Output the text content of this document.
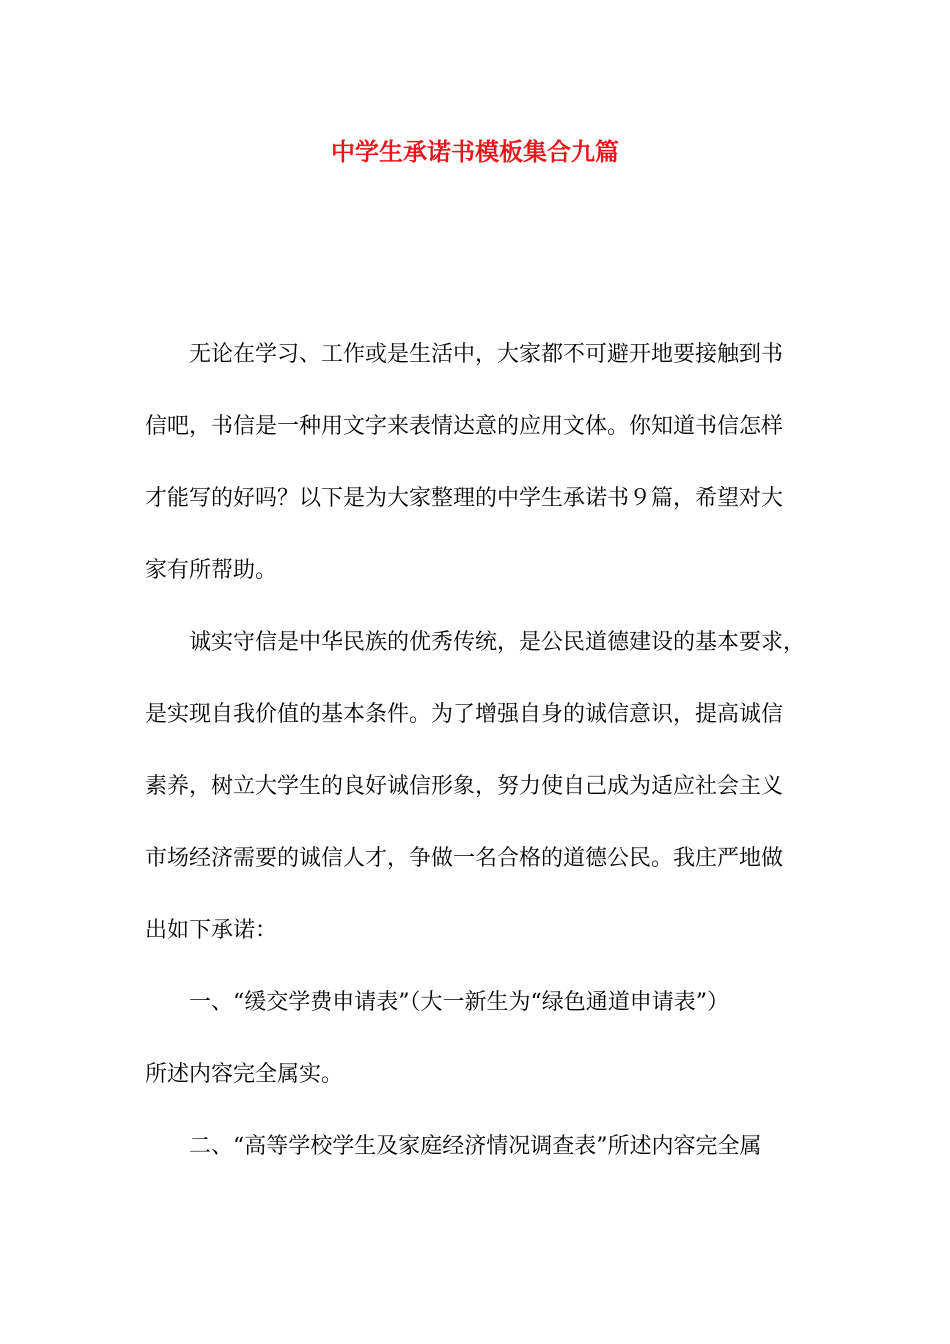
中学生承诺书模板集合九篇
无论在学习、工作或是生活中，大家都不可避开地要接触到书
信吧，书信是一种用文字来表情达意的应用文体。你知道书信怎样
才能写的好吗？以下是为大家整理的中学生承诺书９篇，希望对大
家有所帮助。
诚实守信是中华民族的优秀传统，是公民道德建设的基本要求，
是实现自我价值的基本条件。为了增强自身的诚信意识，提高诚信
素养，树立大学生的良好诚信形象，努力使自己成为适应社会主义
市场经济需要的诚信人才，争做一名合格的道德公民。我庄严地做
出如下承诺：
一、“缓交学费申请表”（大一新生为“绿色通道申请表”）
所述内容完全属实。
二、“高等学校学生及家庭经济情况调查表”所述内容完全属
